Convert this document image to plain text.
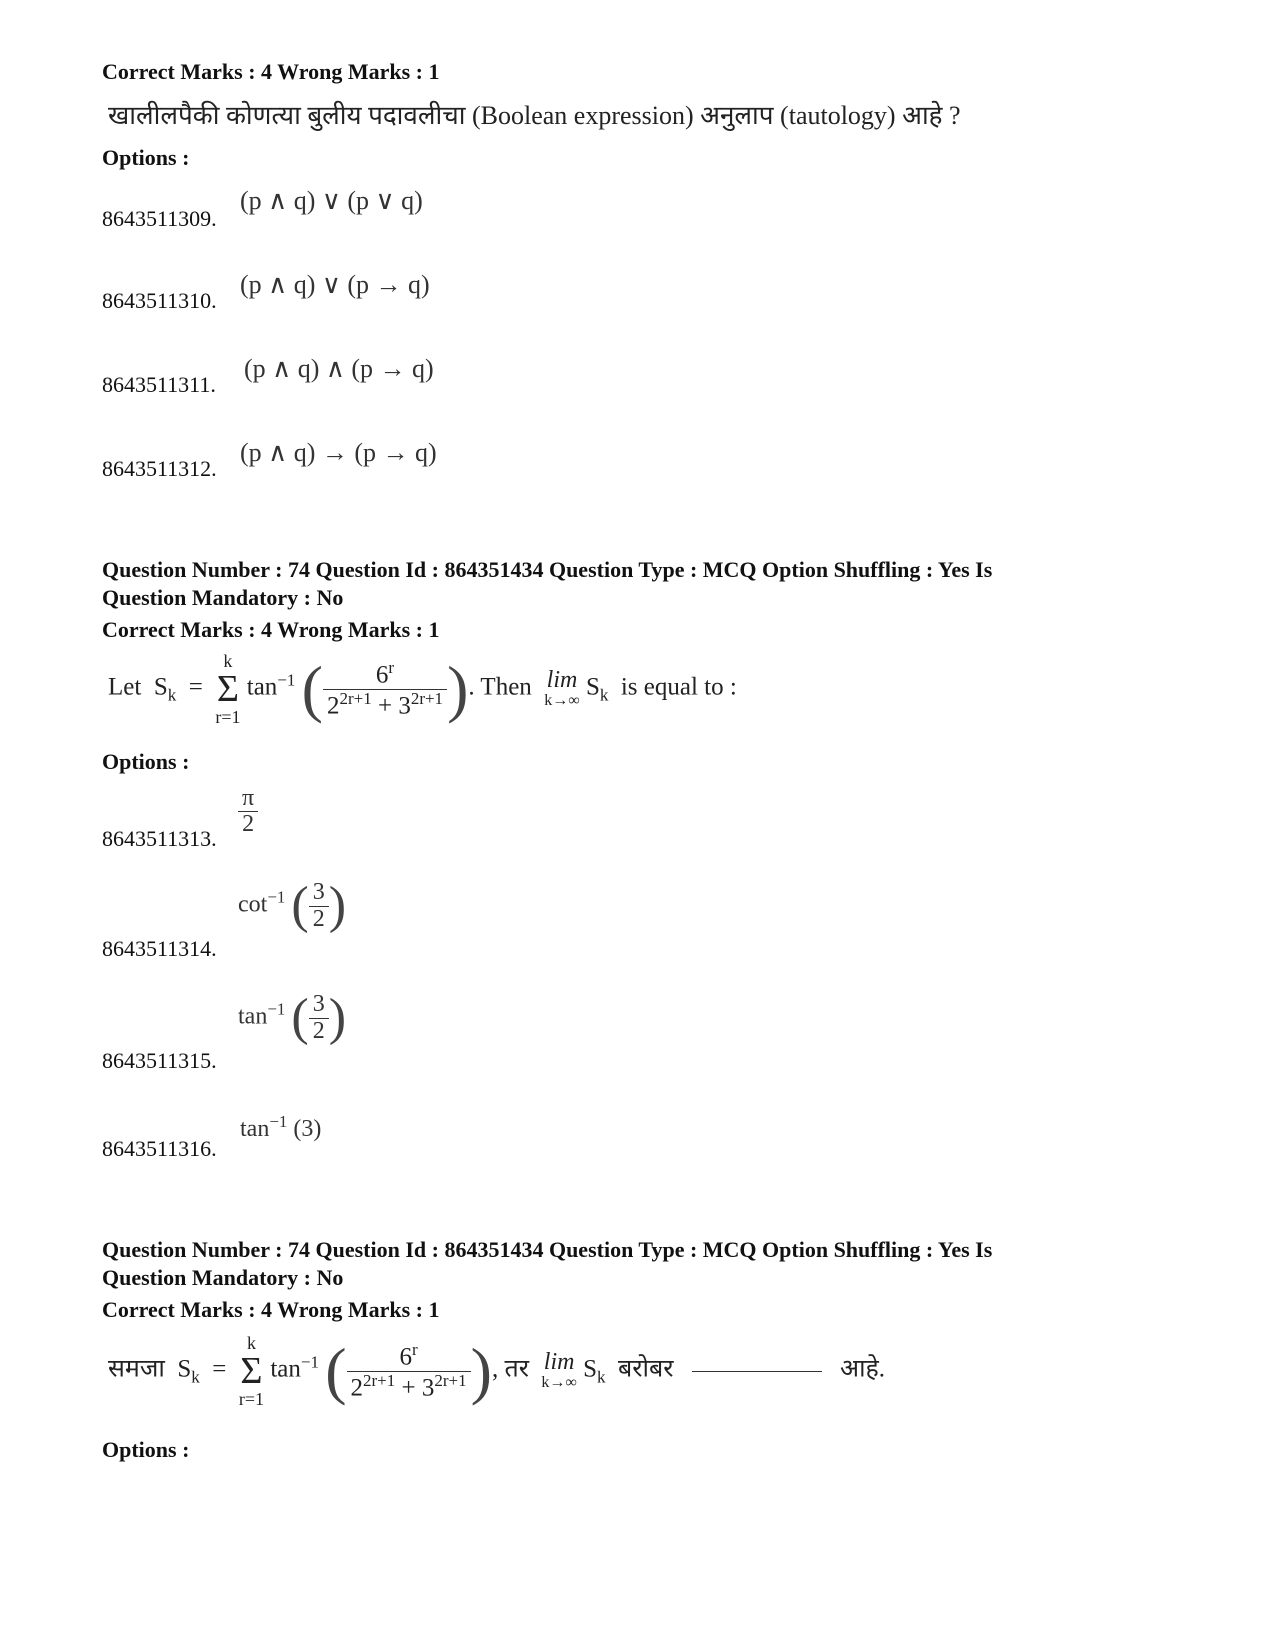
Correct Marks : 4 Wrong Marks : 1
खालीलपैकी कोणत्या बुलीय पदावलीचा (Boolean expression) अनुलाप (tautology) आहे ?
Options :
8643511309.
(p ∧ q) ∨ (p ∨ q)
8643511310.
(p ∧ q) ∨ (p → q)
8643511311.
(p ∧ q) ∧ (p → q)
8643511312.
(p ∧ q) → (p → q)
Question Number : 74 Question Id : 864351434 Question Type : MCQ Option Shuffling : Yes Is
Question Mandatory : No
Correct Marks : 4 Wrong Marks : 1
Let $S_k$ =
k
Σ
r=1
$\tan^{-1}$ ( $\frac{6^r}{2^{2r+1} + 3^{2r+1}}$ ). Then lim
k→∞ $S_k$ is equal to :
Options :
8643511313.
$\frac{\pi}{2}$
8643511314.
$\cot^{-1}$ ( $\frac{3}{2}$ )
8643511315.
$\tan^{-1}$ ( $\frac{3}{2}$ )
8643511316.
$\tan^{-1} (3)$
Question Number : 74 Question Id : 864351434 Question Type : MCQ Option Shuffling : Yes Is
Question Mandatory : No
Correct Marks : 4 Wrong Marks : 1
समजा $S_k$ =
k
Σ
r=1
$\tan^{-1}$ ( $\frac{6^r}{2^{2r+1} + 3^{2r+1}}$ ), तर lim
k→∞ $S_k$ बरोबर	आहे.
Options :
